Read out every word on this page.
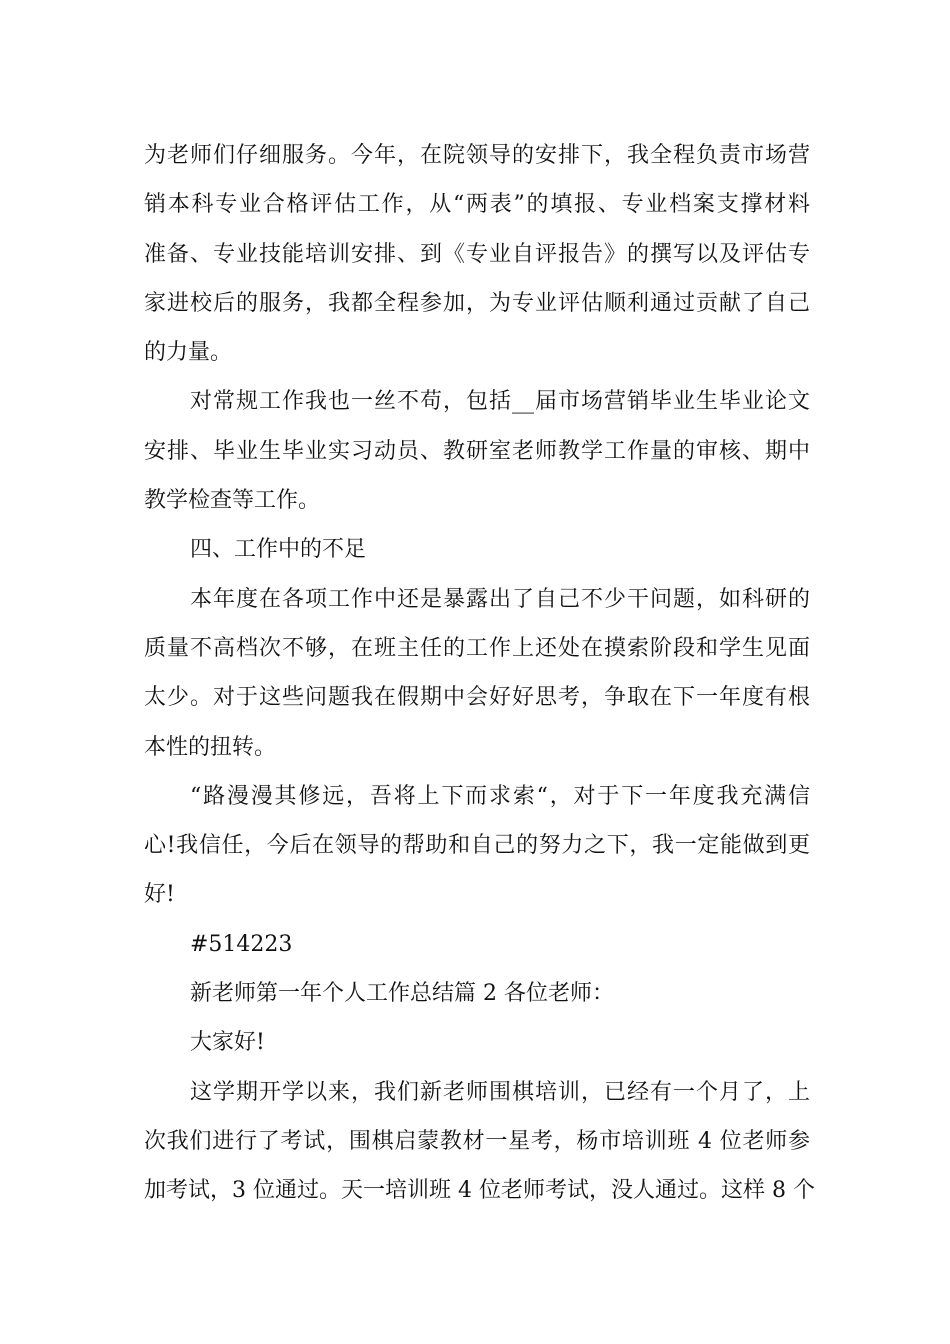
为老师们仔细服务。今年，在院领导的安排下，我全程负责市场营
销本科专业合格评估工作，从“两表”的填报、专业档案支撑材料
准备、专业技能培训安排、到《专业自评报告》的撰写以及评估专
家进校后的服务，我都全程参加，为专业评估顺利通过贡献了自己
的力量。
对常规工作我也一丝不苟，包括__届市场营销毕业生毕业论文
安排、毕业生毕业实习动员、教研室老师教学工作量的审核、期中
教学检查等工作。
四、工作中的不足
本年度在各项工作中还是暴露出了自己不少干问题，如科研的
质量不高档次不够，在班主任的工作上还处在摸索阶段和学生见面
太少。对于这些问题我在假期中会好好思考，争取在下一年度有根
本性的扭转。
“路漫漫其修远，吾将上下而求索“，对于下一年度我充满信
心!我信任，今后在领导的帮助和自己的努力之下，我一定能做到更
好!
#514223
新老师第一年个人工作总结篇 2 各位老师：
大家好!
这学期开学以来，我们新老师围棋培训，已经有一个月了，上
次我们进行了考试，围棋启蒙教材一星考，杨市培训班 4 位老师参
加考试，3 位通过。天一培训班 4 位老师考试，没人通过。这样 8 个
